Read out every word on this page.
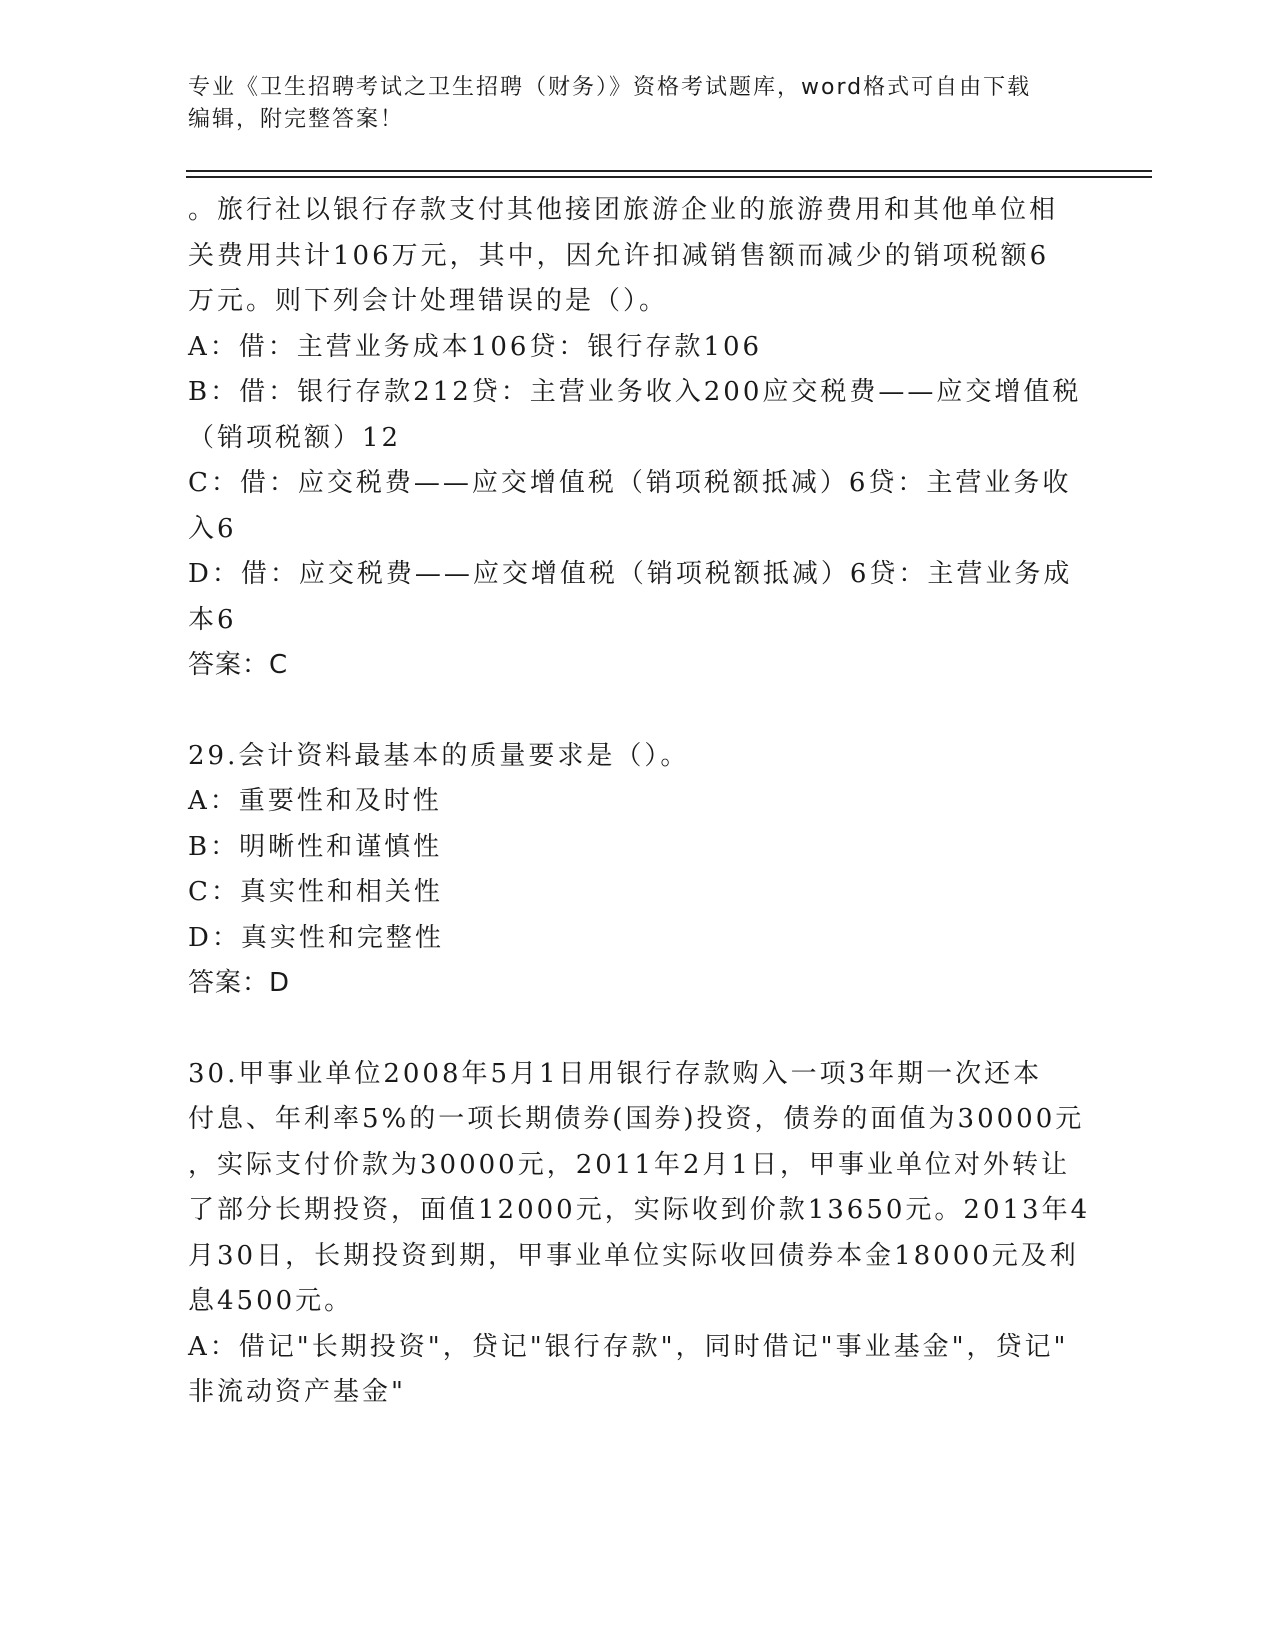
专业《卫生招聘考试之卫生招聘（财务）》资格考试题库，word格式可自由下载
编辑，附完整答案！
。旅行社以银行存款支付其他接团旅游企业的旅游费用和其他单位相
关费用共计106万元，其中，因允许扣减销售额而减少的销项税额6
万元。则下列会计处理错误的是（）。
A：借：主营业务成本106贷：银行存款106
B：借：银行存款212贷：主营业务收入200应交税费——应交增值税
（销项税额）12
C：借：应交税费——应交增值税（销项税额抵减）6贷：主营业务收
入6
D：借：应交税费——应交增值税（销项税额抵减）6贷：主营业务成
本6
答案：C
29.会计资料最基本的质量要求是（）。
A：重要性和及时性
B：明晰性和谨慎性
C：真实性和相关性
D：真实性和完整性
答案：D
30.甲事业单位2008年5月1日用银行存款购入一项3年期一次还本
付息、年利率5%的一项长期债券(国券)投资，债券的面值为30000元
，实际支付价款为30000元，2011年2月1日，甲事业单位对外转让
了部分长期投资，面值12000元，实际收到价款13650元。2013年4
月30日，长期投资到期，甲事业单位实际收回债券本金18000元及利
息4500元。
A：借记"长期投资"，贷记"银行存款"，同时借记"事业基金"，贷记"
非流动资产基金"
